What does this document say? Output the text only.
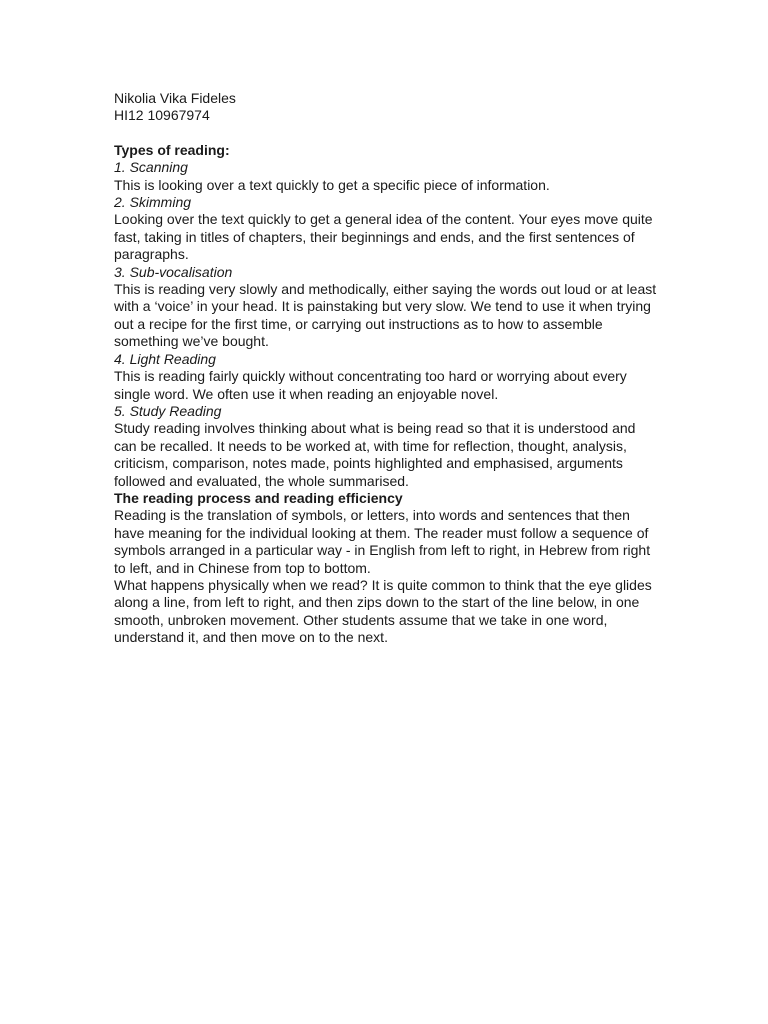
Nikolia Vika Fideles

HI12 10967974

Types of reading:

1. Scanning

This is looking over a text quickly to get a specific piece of information.

2. Skimming

Looking over the text quickly to get a general idea of the content. Your eyes move quite fast, taking in titles of chapters, their beginnings and ends, and the first sentences of paragraphs.

3. Sub-vocalisation

This is reading very slowly and methodically, either saying the words out loud or at least with a ‘voice’ in your head. It is painstaking but very slow. We tend to use it when trying out a recipe for the first time, or carrying out instructions as to how to assemble something we’ve bought.

4. Light Reading

This is reading fairly quickly without concentrating too hard or worrying about every single word. We often use it when reading an enjoyable novel.

5. Study Reading

Study reading involves thinking about what is being read so that it is understood and can be recalled. It needs to be worked at, with time for reflection, thought, analysis, criticism, comparison, notes made, points highlighted and emphasised, arguments followed and evaluated, the whole summarised.

The reading process and reading efficiency

Reading is the translation of symbols, or letters, into words and sentences that then have meaning for the individual looking at them. The reader must follow a sequence of symbols arranged in a particular way - in English from left to right, in Hebrew from right to left, and in Chinese from top to bottom.

What happens physically when we read? It is quite common to think that the eye glides along a line, from left to right, and then zips down to the start of the line below, in one smooth, unbroken movement. Other students assume that we take in one word, understand it, and then move on to the next.
